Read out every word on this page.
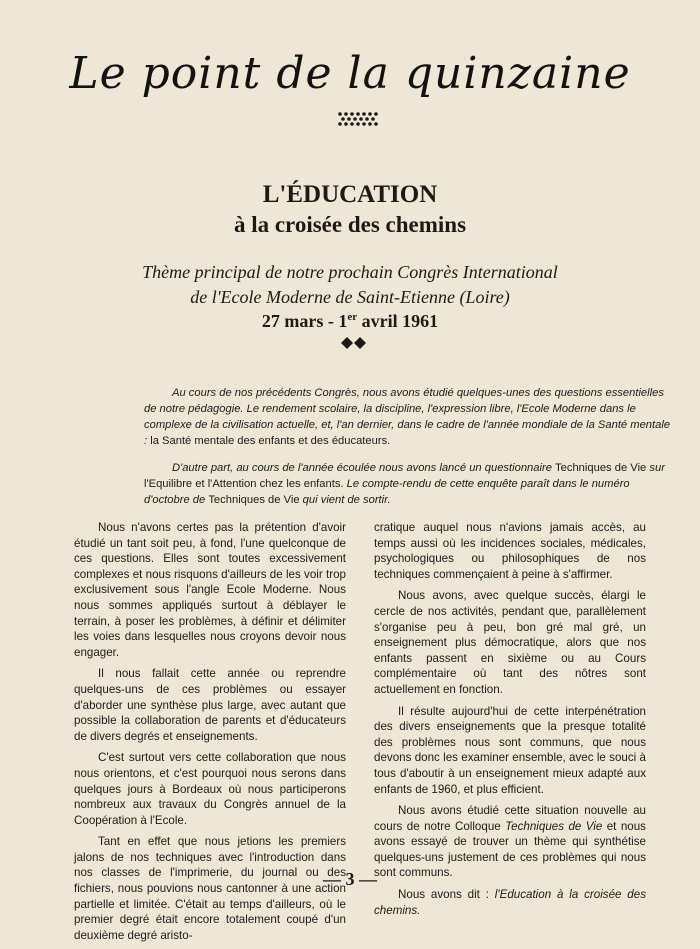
Le point de la quinzaine
L'ÉDUCATION
à la croisée des chemins
Thème principal de notre prochain Congrès International
de l'Ecole Moderne de Saint-Etienne (Loire)
27 mars - 1er avril 1961

Au cours de nos précédents Congrès, nous avons étudié quelques-unes des questions essentielles de notre pédagogie. Le rendement scolaire, la discipline, l'expression libre, l'Ecole Moderne dans le complexe de la civilisation actuelle, et, l'an dernier, dans le cadre de l'année mondiale de la Santé mentale : la Santé mentale des enfants et des éducateurs.

D'autre part, au cours de l'année écoulée nous avons lancé un questionnaire Techniques de Vie sur l'Equilibre et l'Attention chez les enfants. Le compte-rendu de cette enquête paraît dans le numéro d'octobre de Techniques de Vie qui vient de sortir.

Nous n'avons certes pas la prétention d'avoir étudié un tant soit peu, à fond, l'une quelconque de ces questions. Elles sont toutes excessivement complexes et nous risquons d'ailleurs de les voir trop exclusivement sous l'angle Ecole Moderne. Nous nous sommes appliqués surtout à déblayer le terrain, à poser les problèmes, à définir et délimiter les voies dans lesquelles nous croyons devoir nous engager.

Il nous fallait cette année ou reprendre quelques-uns de ces problèmes ou essayer d'aborder une synthèse plus large, avec autant que possible la collaboration de parents et d'éducateurs de divers degrés et enseignements.

C'est surtout vers cette collaboration que nous nous orientons, et c'est pourquoi nous serons dans quelques jours à Bordeaux où nous participerons nombreux aux travaux du Congrès annuel de la Coopération à l'Ecole.

Tant en effet que nous jetions les premiers jalons de nos techniques avec l'introduction dans nos classes de l'imprimerie, du journal ou des fichiers, nous pouvions nous cantonner à une action partielle et limitée. C'était au temps d'ailleurs, où le premier degré était encore totalement coupé d'un deuxième degré aristo-

cratique auquel nous n'avions jamais accès, au temps aussi où les incidences sociales, médicales, psychologiques ou philosophiques de nos techniques commençaient à peine à s'affirmer.

Nous avons, avec quelque succès, élargi le cercle de nos activités, pendant que, parallèlement s'organise peu à peu, bon gré mal gré, un enseignement plus démocratique, alors que nos enfants passent en sixième ou au Cours complémentaire où tant des nôtres sont actuellement en fonction.

Il résulte aujourd'hui de cette interpénétration des divers enseignements que la presque totalité des problèmes nous sont communs, que nous devons donc les examiner ensemble, avec le souci à tous d'aboutir à un enseignement mieux adapté aux enfants de 1960, et plus efficient.

Nous avons étudié cette situation nouvelle au cours de notre Colloque Techniques de Vie et nous avons essayé de trouver un thème qui synthétise quelques-uns justement de ces problèmes qui nous sont communs.

Nous avons dit : l'Education à la croisée des chemins.

— 3 —
